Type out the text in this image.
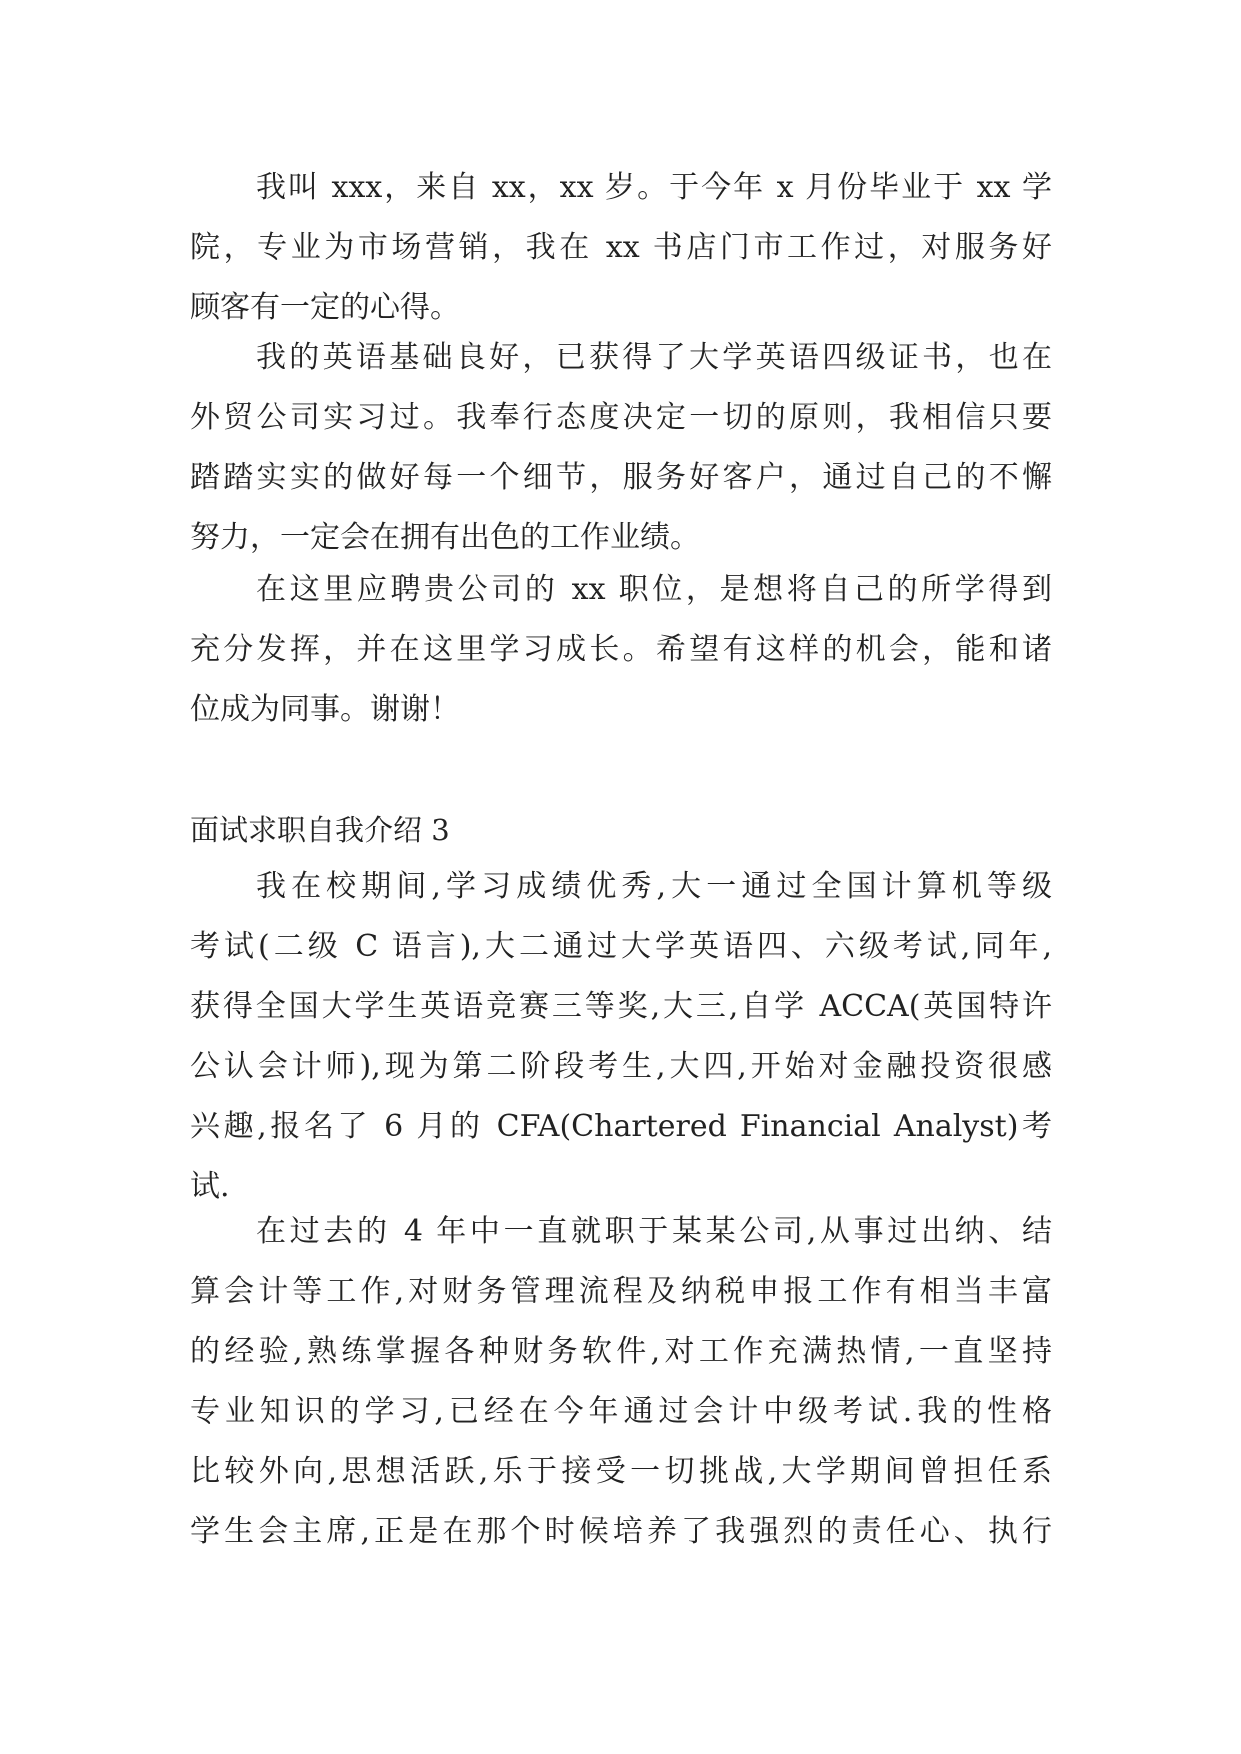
我叫 xxx，来自 xx，xx 岁。于今年 x 月份毕业于 xx 学
院，专业为市场营销，我在 xx 书店门市工作过，对服务好
顾客有一定的心得。
我的英语基础良好，已获得了大学英语四级证书，也在
外贸公司实习过。我奉行态度决定一切的原则，我相信只要
踏踏实实的做好每一个细节，服务好客户，通过自己的不懈
努力，一定会在拥有出色的工作业绩。
在这里应聘贵公司的 xx 职位，是想将自己的所学得到
充分发挥，并在这里学习成长。希望有这样的机会，能和诸
位成为同事。谢谢！
面试求职自我介绍 3
我在校期间,学习成绩优秀,大一通过全国计算机等级
考试(二级 C 语言),大二通过大学英语四、六级考试,同年,
获得全国大学生英语竞赛三等奖,大三,自学 ACCA(英国特许
公认会计师),现为第二阶段考生,大四,开始对金融投资很感
兴趣,报名了 6 月的 CFA(Chartered Financial Analyst)考
试.
在过去的 4 年中一直就职于某某公司,从事过出纳、结
算会计等工作,对财务管理流程及纳税申报工作有相当丰富
的经验,熟练掌握各种财务软件,对工作充满热情,一直坚持
专业知识的学习,已经在今年通过会计中级考试.我的性格
比较外向,思想活跃,乐于接受一切挑战,大学期间曾担任系
学生会主席,正是在那个时候培养了我强烈的责任心、执行
